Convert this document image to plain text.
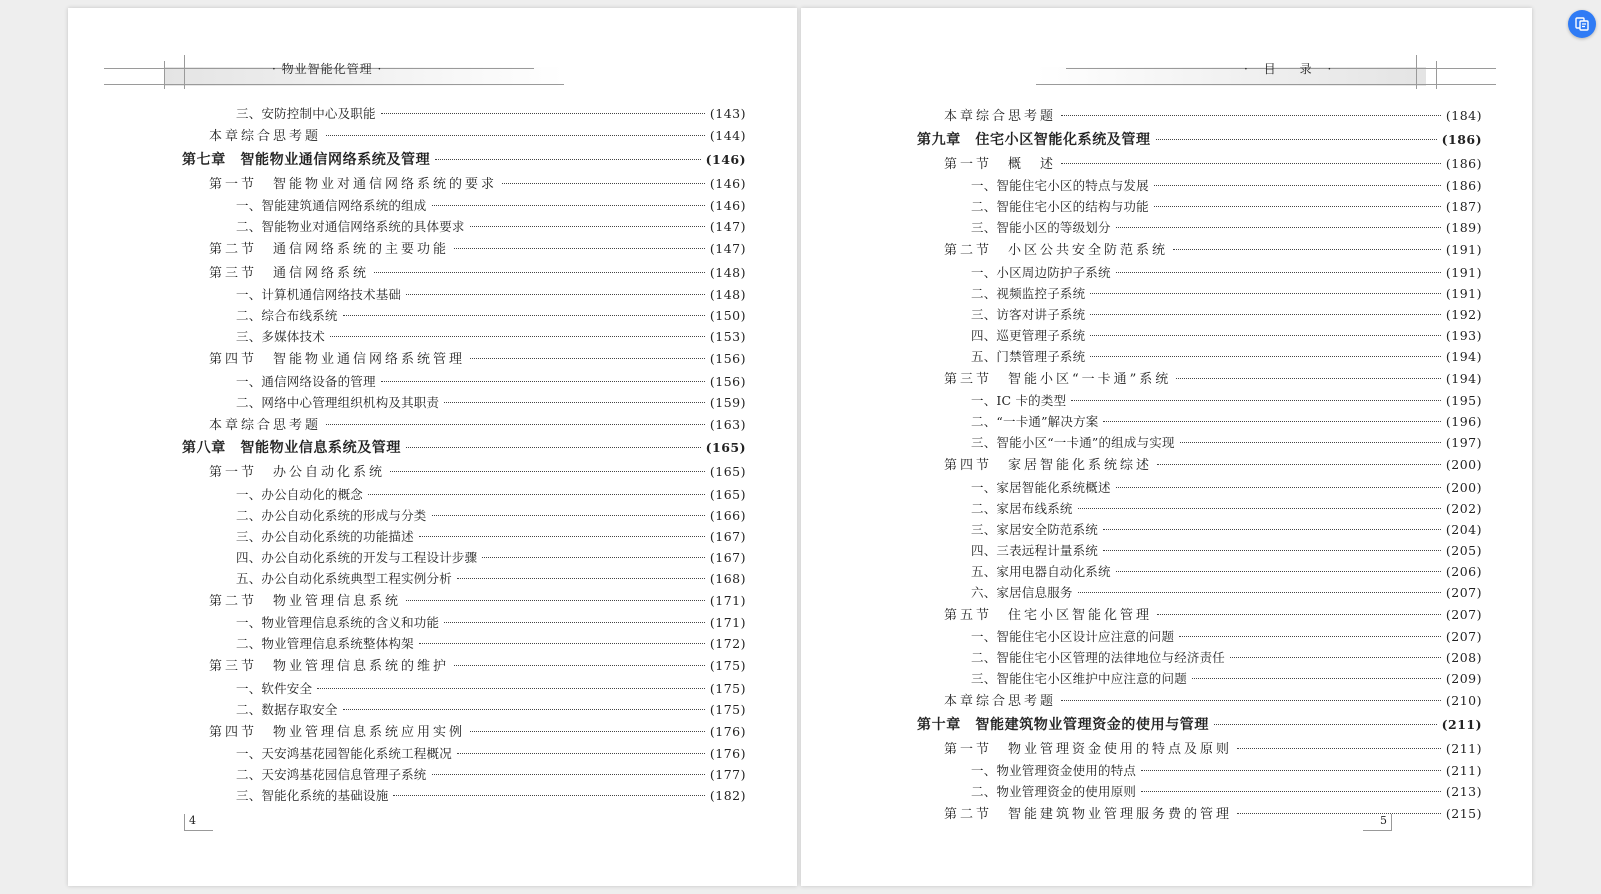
· 物业智能化管理 ·
三、安防控制中心及职能	(143)
本章综合思考题	(144)
第七章　智能物业通信网络系统及管理	(146)
第一节　智能物业对通信网络系统的要求	(146)
一、智能建筑通信网络系统的组成	(146)
二、智能物业对通信网络系统的具体要求	(147)
第二节　通信网络系统的主要功能	(147)
第三节　通信网络系统	(148)
一、计算机通信网络技术基础	(148)
二、综合布线系统	(150)
三、多媒体技术	(153)
第四节　智能物业通信网络系统管理	(156)
一、通信网络设备的管理	(156)
二、网络中心管理组织机构及其职责	(159)
本章综合思考题	(163)
第八章　智能物业信息系统及管理	(165)
第一节　办公自动化系统	(165)
一、办公自动化的概念	(165)
二、办公自动化系统的形成与分类	(166)
三、办公自动化系统的功能描述	(167)
四、办公自动化系统的开发与工程设计步骤	(167)
五、办公自动化系统典型工程实例分析	(168)
第二节　物业管理信息系统	(171)
一、物业管理信息系统的含义和功能	(171)
二、物业管理信息系统整体构架	(172)
第三节　物业管理信息系统的维护	(175)
一、软件安全	(175)
二、数据存取安全	(175)
第四节　物业管理信息系统应用实例	(176)
一、天安鸿基花园智能化系统工程概况	(176)
二、天安鸿基花园信息管理子系统	(177)
三、智能化系统的基础设施	(182)
4
· 目　录 ·
本章综合思考题	(184)
第九章　住宅小区智能化系统及管理	(186)
第一节　概　述	(186)
一、智能住宅小区的特点与发展	(186)
二、智能住宅小区的结构与功能	(187)
三、智能小区的等级划分	(189)
第二节　小区公共安全防范系统	(191)
一、小区周边防护子系统	(191)
二、视频监控子系统	(191)
三、访客对讲子系统	(192)
四、巡更管理子系统	(193)
五、门禁管理子系统	(194)
第三节　智能小区“一卡通”系统	(194)
一、IC 卡的类型	(195)
二、“一卡通”解决方案	(196)
三、智能小区“一卡通”的组成与实现	(197)
第四节　家居智能化系统综述	(200)
一、家居智能化系统概述	(200)
二、家居布线系统	(202)
三、家居安全防范系统	(204)
四、三表远程计量系统	(205)
五、家用电器自动化系统	(206)
六、家居信息服务	(207)
第五节　住宅小区智能化管理	(207)
一、智能住宅小区设计应注意的问题	(207)
二、智能住宅小区管理的法律地位与经济责任	(208)
三、智能住宅小区维护中应注意的问题	(209)
本章综合思考题	(210)
第十章　智能建筑物业管理资金的使用与管理	(211)
第一节　物业管理资金使用的特点及原则	(211)
一、物业管理资金使用的特点	(211)
二、物业管理资金的使用原则	(213)
第二节　智能建筑物业管理服务费的管理	(215)
5
